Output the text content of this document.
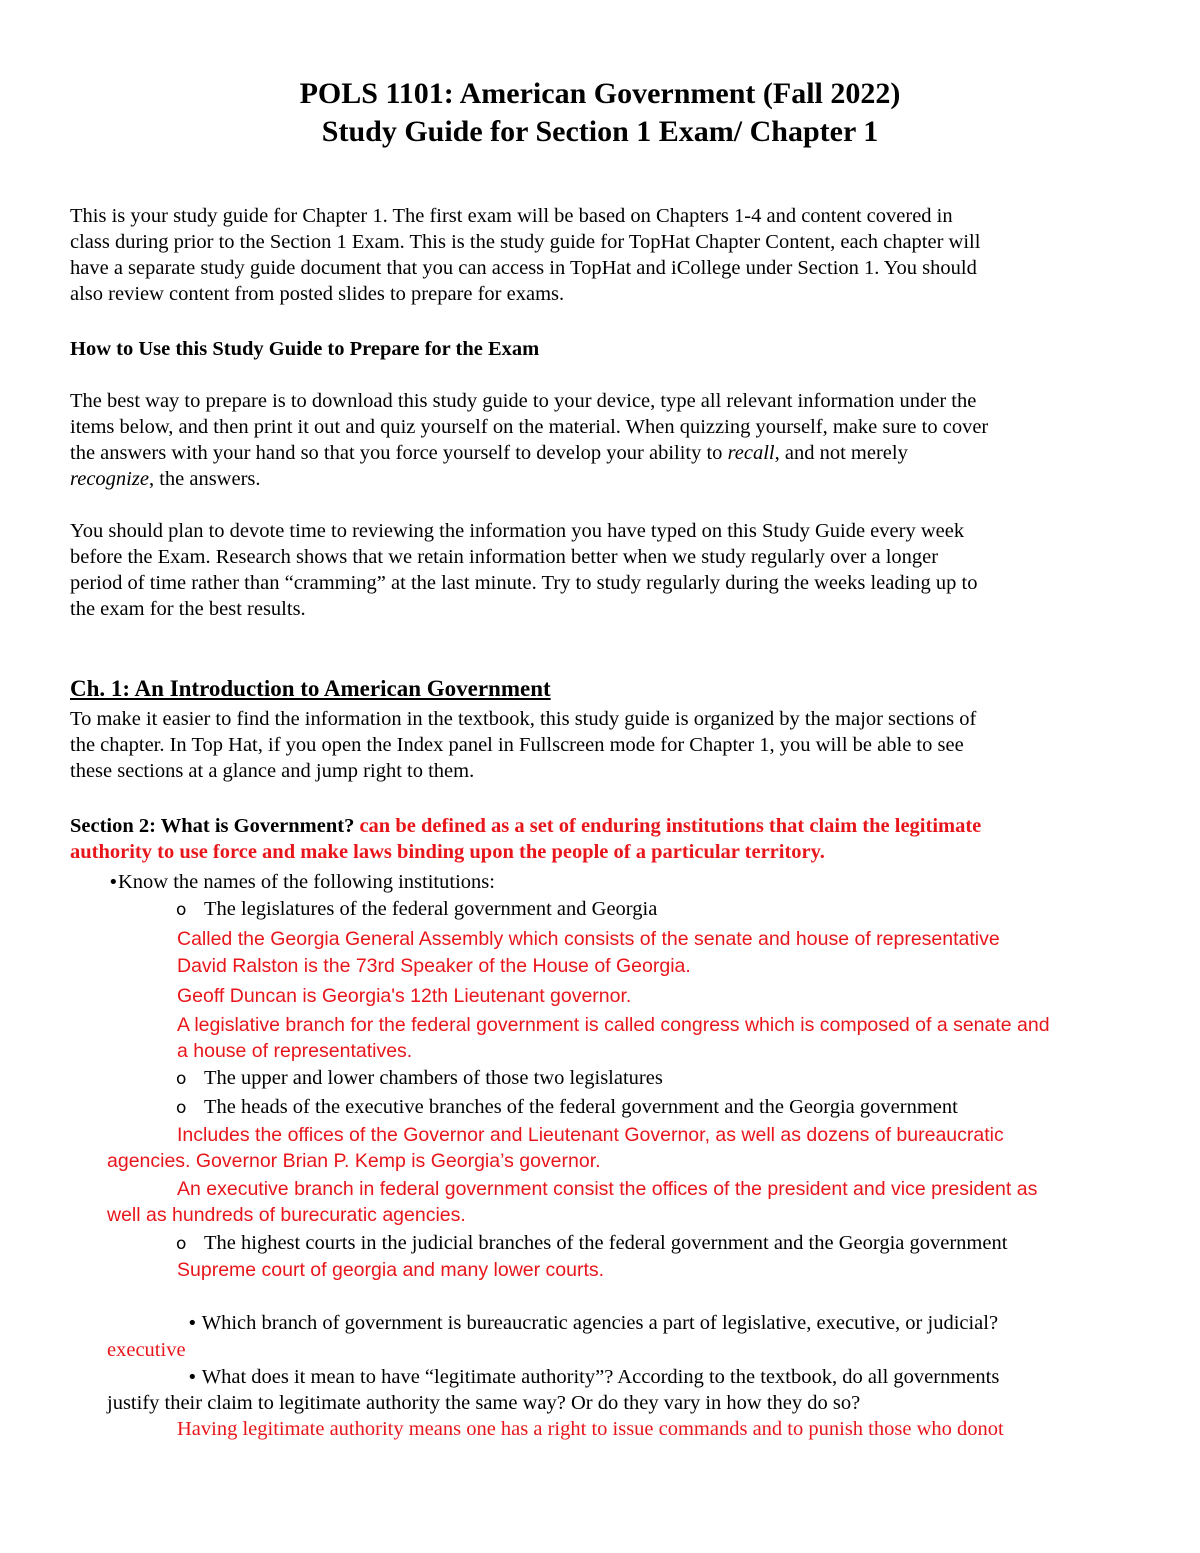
POLS 1101: American Government (Fall 2022)
Study Guide for Section 1 Exam/ Chapter 1
This is your study guide for Chapter 1. The first exam will be based on Chapters 1-4 and content covered in
class during prior to the Section 1 Exam. This is the study guide for TopHat Chapter Content, each chapter will
have a separate study guide document that you can access in TopHat and iCollege under Section 1. You should
also review content from posted slides to prepare for exams.
How to Use this Study Guide to Prepare for the Exam
The best way to prepare is to download this study guide to your device, type all relevant information under the
items below, and then print it out and quiz yourself on the material. When quizzing yourself, make sure to cover
the answers with your hand so that you force yourself to develop your ability to recall, and not merely
recognize, the answers.
You should plan to devote time to reviewing the information you have typed on this Study Guide every week
before the Exam. Research shows that we retain information better when we study regularly over a longer
period of time rather than “cramming” at the last minute. Try to study regularly during the weeks leading up to
the exam for the best results.
Ch. 1: An Introduction to American Government
To make it easier to find the information in the textbook, this study guide is organized by the major sections of
the chapter. In Top Hat, if you open the Index panel in Fullscreen mode for Chapter 1, you will be able to see
these sections at a glance and jump right to them.
Section 2: What is Government? can be defined as a set of enduring institutions that claim the legitimate
authority to use force and make laws binding upon the people of a particular territory.
•Know the names of the following institutions:
o The legislatures of the federal government and Georgia
Called the Georgia General Assembly which consists of the senate and house of representative
David Ralston is the 73rd Speaker of the House of Georgia.
Geoff Duncan is Georgia's 12th Lieutenant governor.
A legislative branch for the federal government is called congress which is composed of a senate and
a house of representatives.
o The upper and lower chambers of those two legislatures
o The heads of the executive branches of the federal government and the Georgia government
Includes the offices of the Governor and Lieutenant Governor, as well as dozens of bureaucratic
agencies. Governor Brian P. Kemp is Georgia’s governor.
An executive branch in federal government consist the offices of the president and vice president as
well as hundreds of burecuratic agencies.
o The highest courts in the judicial branches of the federal government and the Georgia government
Supreme court of georgia and many lower courts.
• Which branch of government is bureaucratic agencies a part of legislative, executive, or judicial?
executive
• What does it mean to have “legitimate authority”? According to the textbook, do all governments
justify their claim to legitimate authority the same way? Or do they vary in how they do so?
Having legitimate authority means one has a right to issue commands and to punish those who donot
